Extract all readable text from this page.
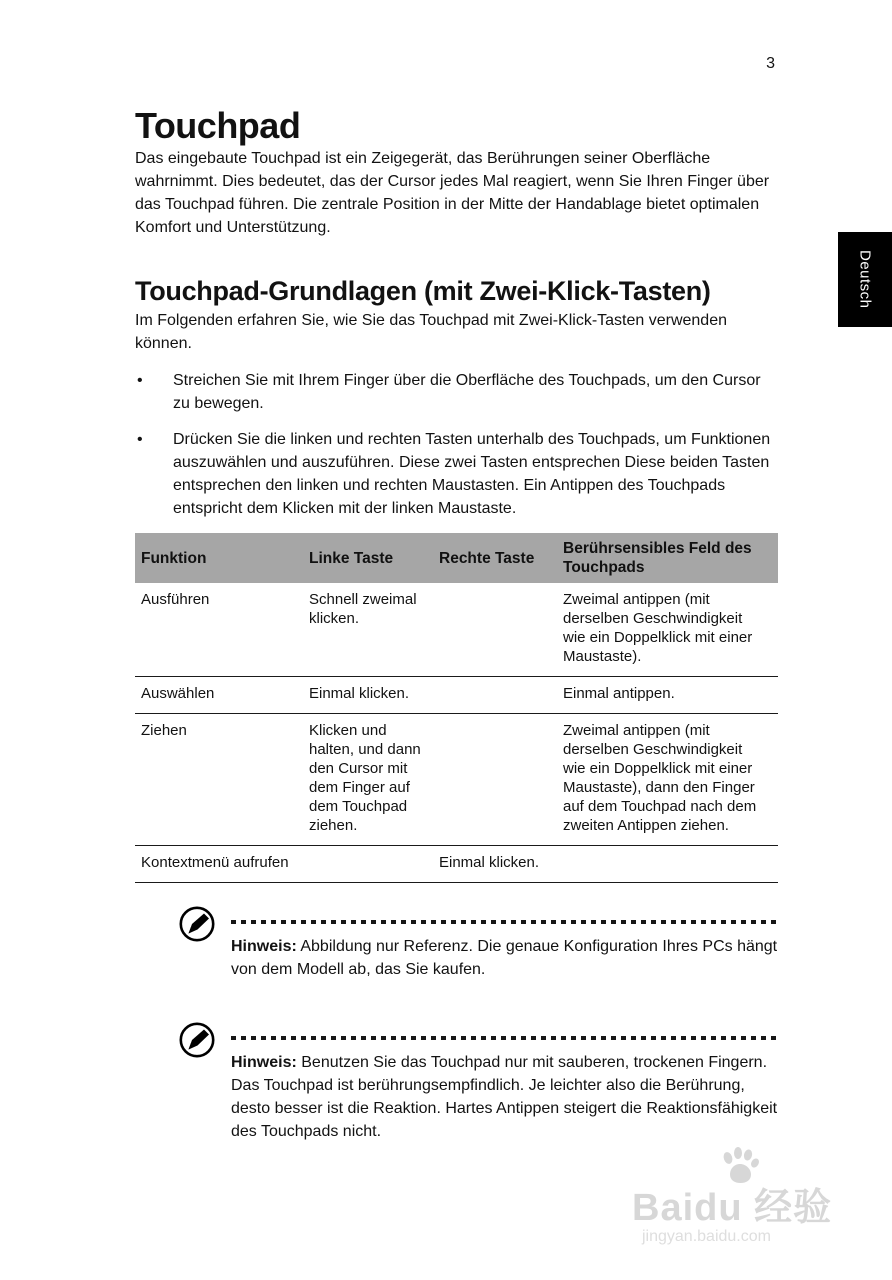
3
Deutsch
Touchpad

Das eingebaute Touchpad ist ein Zeigegerät, das Berührungen seiner Oberfläche wahrnimmt. Dies bedeutet, das der Cursor jedes Mal reagiert, wenn Sie Ihren Finger über das Touchpad führen. Die zentrale Position in der Mitte der Handablage bietet optimalen Komfort und Unterstützung.

Touchpad-Grundlagen (mit Zwei-Klick-Tasten)

Im Folgenden erfahren Sie, wie Sie das Touchpad mit Zwei-Klick-Tasten verwenden können.

• Streichen Sie mit Ihrem Finger über die Oberfläche des Touchpads, um den Cursor zu bewegen.
• Drücken Sie die linken und rechten Tasten unterhalb des Touchpads, um Funktionen auszuwählen und auszuführen. Diese zwei Tasten entsprechen Diese beiden Tasten entsprechen den linken und rechten Maustasten. Ein Antippen des Touchpads entspricht dem Klicken mit der linken Maustaste.
Funktion	Linke Taste	Rechte Taste	Berührsensibles Feld des Touchpads
Ausführen	Schnell zweimal klicken.		Zweimal antippen (mit derselben Geschwindigkeit wie ein Doppelklick mit einer Maustaste).
Auswählen	Einmal klicken.		Einmal antippen.
Ziehen	Klicken und halten, und dann den Cursor mit dem Finger auf dem Touchpad ziehen.		Zweimal antippen (mit derselben Geschwindigkeit wie ein Doppelklick mit einer Maustaste), dann den Finger auf dem Touchpad nach dem zweiten Antippen ziehen.
Kontextmenü aufrufen		Einmal klicken.	

Hinweis: Abbildung nur Referenz. Die genaue Konfiguration Ihres PCs hängt von dem Modell ab, das Sie kaufen.

Hinweis: Benutzen Sie das Touchpad nur mit sauberen, trockenen Fingern. Das Touchpad ist berührungsempfindlich. Je leichter also die Berührung, desto besser ist die Reaktion. Hartes Antippen steigert die Reaktionsfähigkeit des Touchpads nicht.

Baidu 经验
jingyan.baidu.com
